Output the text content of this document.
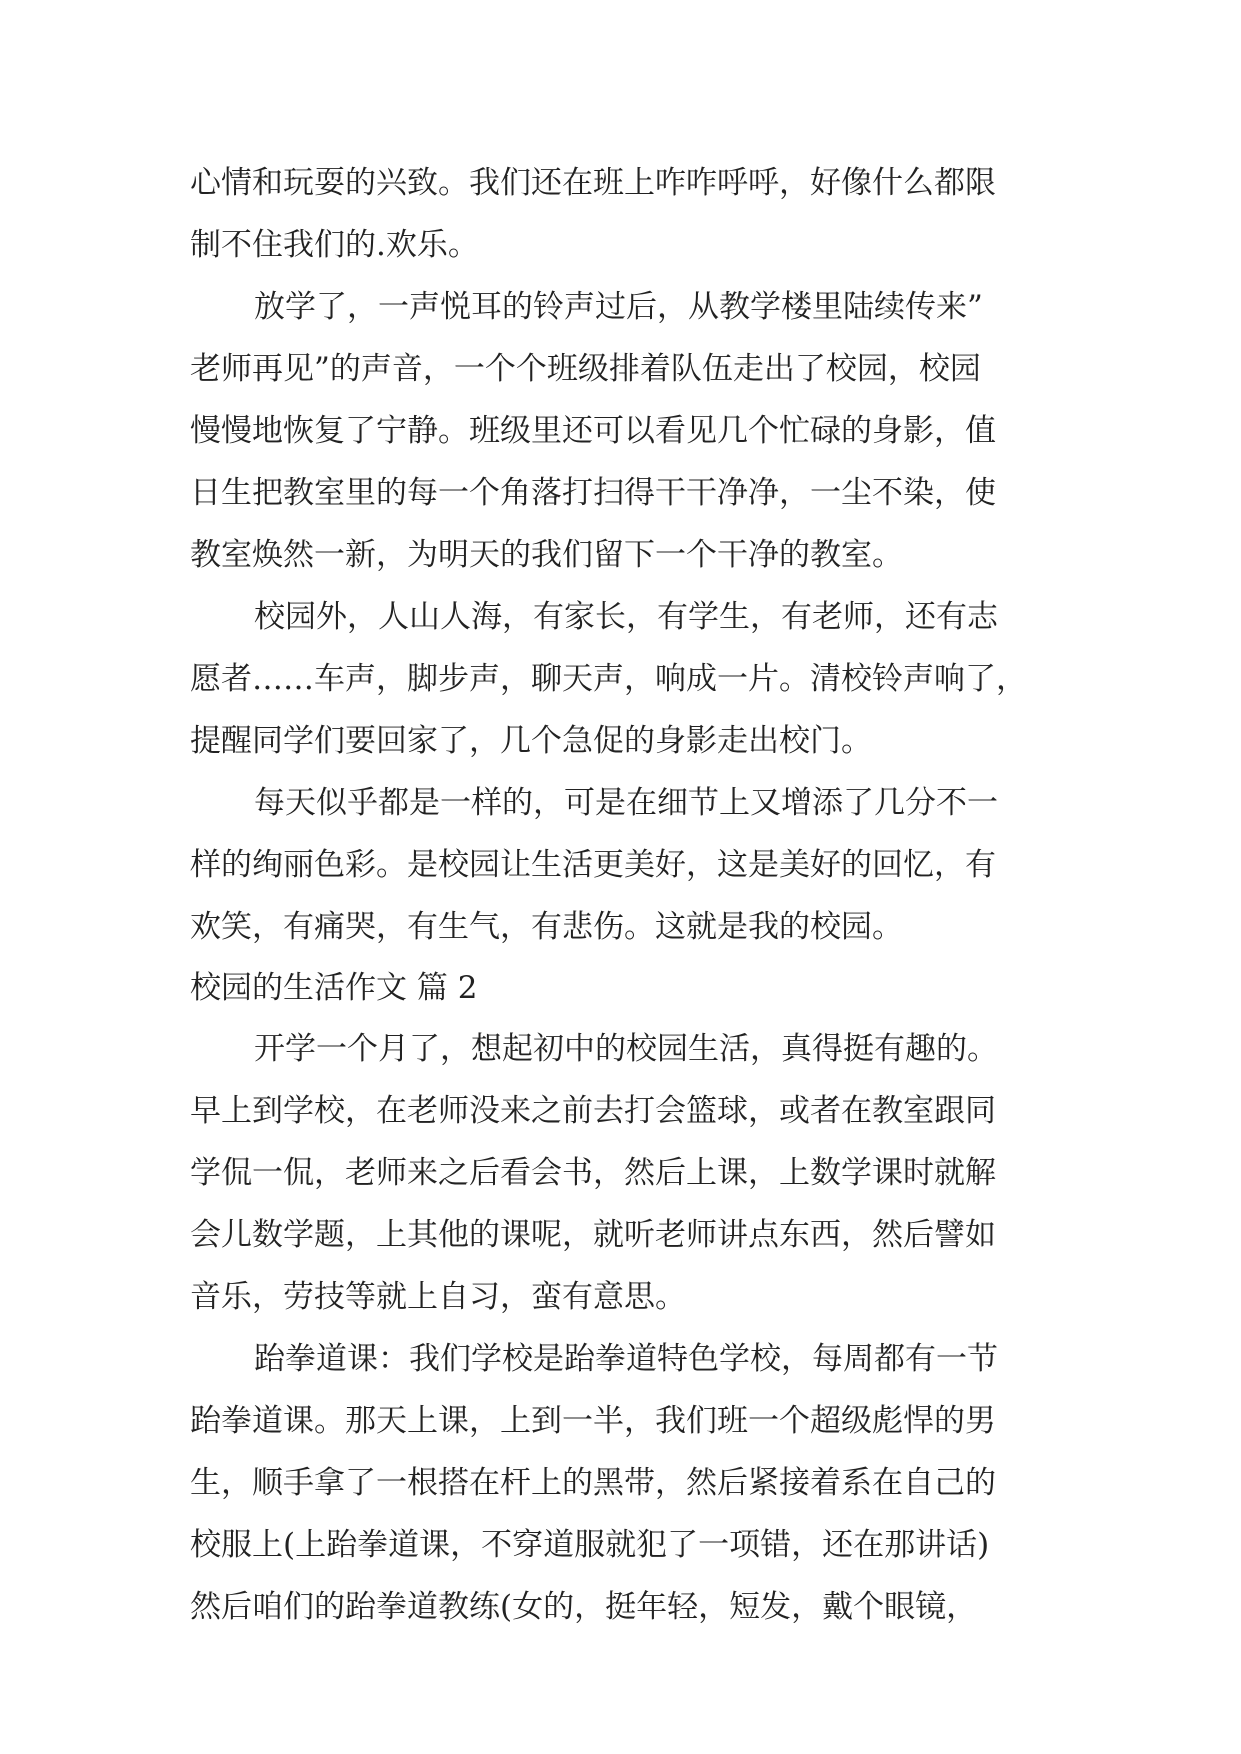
心情和玩耍的兴致。我们还在班上咋咋呼呼，好像什么都限
制不住我们的.欢乐。
放学了，一声悦耳的铃声过后，从教学楼里陆续传来”
老师再见”的声音，一个个班级排着队伍走出了校园，校园
慢慢地恢复了宁静。班级里还可以看见几个忙碌的身影，值
日生把教室里的每一个角落打扫得干干净净，一尘不染，使
教室焕然一新，为明天的我们留下一个干净的教室。
校园外，人山人海，有家长，有学生，有老师，还有志
愿者……车声，脚步声，聊天声，响成一片。清校铃声响了，
提醒同学们要回家了，几个急促的身影走出校门。
每天似乎都是一样的，可是在细节上又增添了几分不一
样的绚丽色彩。是校园让生活更美好，这是美好的回忆，有
欢笑，有痛哭，有生气，有悲伤。这就是我的校园。
校园的生活作文 篇 2
开学一个月了，想起初中的校园生活，真得挺有趣的。
早上到学校，在老师没来之前去打会篮球，或者在教室跟同
学侃一侃，老师来之后看会书，然后上课，上数学课时就解
会儿数学题，上其他的课呢，就听老师讲点东西，然后譬如
音乐，劳技等就上自习，蛮有意思。
跆拳道课：我们学校是跆拳道特色学校，每周都有一节
跆拳道课。那天上课，上到一半，我们班一个超级彪悍的男
生，顺手拿了一根搭在杆上的黑带，然后紧接着系在自己的
校服上(上跆拳道课，不穿道服就犯了一项错，还在那讲话)
然后咱们的跆拳道教练(女的，挺年轻，短发，戴个眼镜，
